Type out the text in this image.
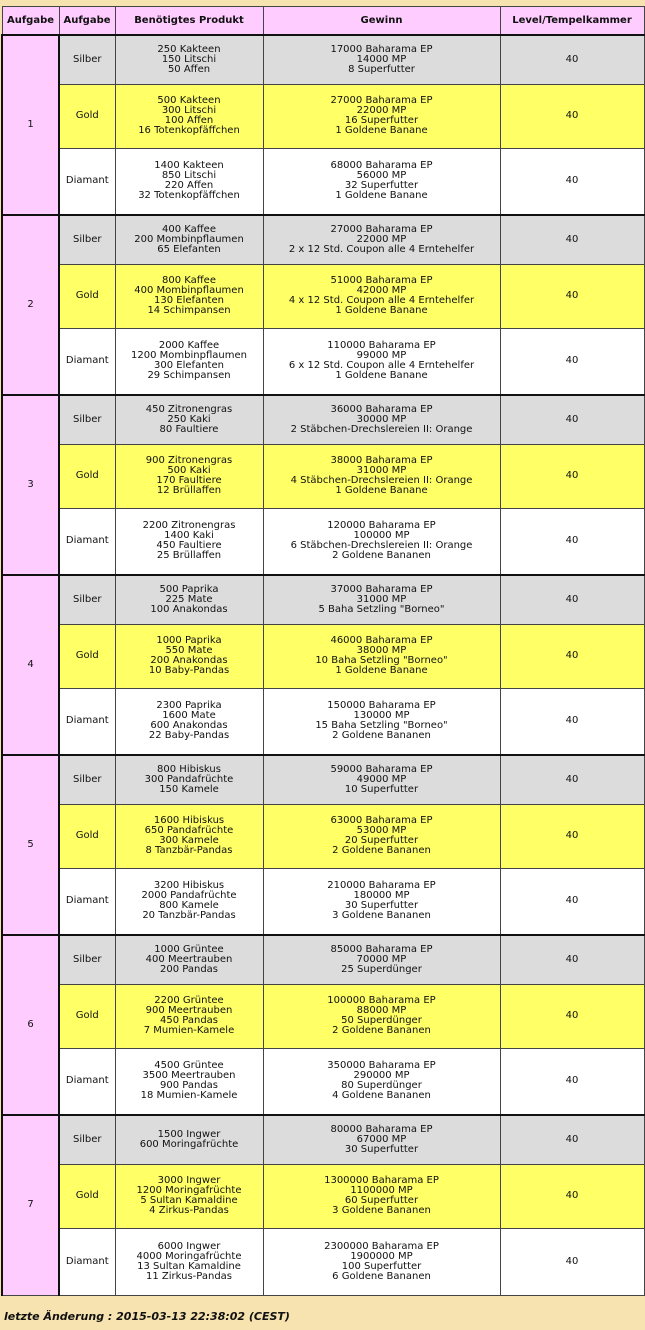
Aufgabe	Aufgabe	Benötigtes Produkt	Gewinn	Level/Tempelkammer
1	Silber	250 Kakteen
150 Litschi
50 Affen	17000 Baharama EP
14000 MP
8 Superfutter	40
	Gold	500 Kakteen
300 Litschi
100 Affen
16 Totenkopfäffchen	27000 Baharama EP
22000 MP
16 Superfutter
1 Goldene Banane	40
	Diamant	1400 Kakteen
850 Litschi
220 Affen
32 Totenkopfäffchen	68000 Baharama EP
56000 MP
32 Superfutter
1 Goldene Banane	40
2	Silber	400 Kaffee
200 Mombinpflaumen
65 Elefanten	27000 Baharama EP
22000 MP
2 x 12 Std. Coupon alle 4 Erntehelfer	40
	Gold	800 Kaffee
400 Mombinpflaumen
130 Elefanten
14 Schimpansen	51000 Baharama EP
42000 MP
4 x 12 Std. Coupon alle 4 Erntehelfer
1 Goldene Banane	40
	Diamant	2000 Kaffee
1200 Mombinpflaumen
300 Elefanten
29 Schimpansen	110000 Baharama EP
99000 MP
6 x 12 Std. Coupon alle 4 Erntehelfer
1 Goldene Banane	40
3	Silber	450 Zitronengras
250 Kaki
80 Faultiere	36000 Baharama EP
30000 MP
2 Stäbchen-Drechslereien II: Orange	40
	Gold	900 Zitronengras
500 Kaki
170 Faultiere
12 Brüllaffen	38000 Baharama EP
31000 MP
4 Stäbchen-Drechslereien II: Orange
1 Goldene Banane	40
	Diamant	2200 Zitronengras
1400 Kaki
450 Faultiere
25 Brüllaffen	120000 Baharama EP
100000 MP
6 Stäbchen-Drechslereien II: Orange
2 Goldene Bananen	40
4	Silber	500 Paprika
225 Mate
100 Anakondas	37000 Baharama EP
31000 MP
5 Baha Setzling "Borneo"	40
	Gold	1000 Paprika
550 Mate
200 Anakondas
10 Baby-Pandas	46000 Baharama EP
38000 MP
10 Baha Setzling "Borneo"
1 Goldene Banane	40
	Diamant	2300 Paprika
1600 Mate
600 Anakondas
22 Baby-Pandas	150000 Baharama EP
130000 MP
15 Baha Setzling "Borneo"
2 Goldene Bananen	40
5	Silber	800 Hibiskus
300 Pandafrüchte
150 Kamele	59000 Baharama EP
49000 MP
10 Superfutter	40
	Gold	1600 Hibiskus
650 Pandafrüchte
300 Kamele
8 Tanzbär-Pandas	63000 Baharama EP
53000 MP
20 Superfutter
2 Goldene Bananen	40
	Diamant	3200 Hibiskus
2000 Pandafrüchte
800 Kamele
20 Tanzbär-Pandas	210000 Baharama EP
180000 MP
30 Superfutter
3 Goldene Bananen	40
6	Silber	1000 Grüntee
400 Meertrauben
200 Pandas	85000 Baharama EP
70000 MP
25 Superdünger	40
	Gold	2200 Grüntee
900 Meertrauben
450 Pandas
7 Mumien-Kamele	100000 Baharama EP
88000 MP
50 Superdünger
2 Goldene Bananen	40
	Diamant	4500 Grüntee
3500 Meertrauben
900 Pandas
18 Mumien-Kamele	350000 Baharama EP
290000 MP
80 Superdünger
4 Goldene Bananen	40
7	Silber	1500 Ingwer
600 Moringafrüchte	80000 Baharama EP
67000 MP
30 Superfutter	40
	Gold	3000 Ingwer
1200 Moringafrüchte
5 Sultan Kamaldine
4 Zirkus-Pandas	1300000 Baharama EP
1100000 MP
60 Superfutter
3 Goldene Bananen	40
	Diamant	6000 Ingwer
4000 Moringafrüchte
13 Sultan Kamaldine
11 Zirkus-Pandas	2300000 Baharama EP
1900000 MP
100 Superfutter
6 Goldene Bananen	40
letzte Änderung : 2015-03-13 22:38:02 (CEST)
